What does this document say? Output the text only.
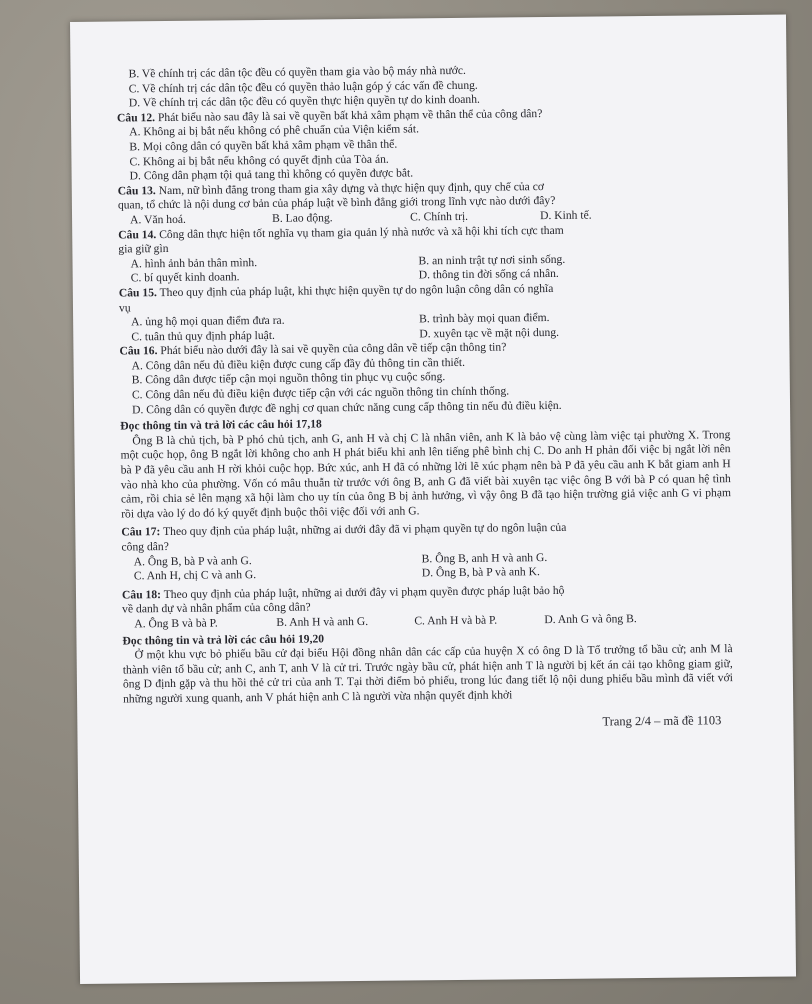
B. Về chính trị các dân tộc đều có quyền tham gia vào bộ máy nhà nước.
C. Về chính trị các dân tộc đều có quyền thảo luận góp ý các vấn đề chung.
D. Về chính trị các dân tộc đều có quyền thực hiện quyền tự do kinh doanh.
Câu 12. Phát biểu nào sau đây là sai về quyền bất khả xâm phạm về thân thể của công dân?
A. Không ai bị bắt nếu không có phê chuẩn của Viện kiểm sát.
B. Mọi công dân có quyền bất khả xâm phạm về thân thể.
C. Không ai bị bắt nếu không có quyết định của Tòa án.
D. Công dân phạm tội quả tang thì không có quyền được bắt.
Câu 13. Nam, nữ bình đẳng trong tham gia xây dựng và thực hiện quy định, quy chế của cơ
quan, tổ chức là nội dung cơ bản của pháp luật về bình đẳng giới trong lĩnh vực nào dưới đây?
A. Văn hoá.	B. Lao động.	C. Chính trị.	D. Kinh tế.
Câu 14. Công dân thực hiện tốt nghĩa vụ tham gia quản lý nhà nước và xã hội khi tích cực tham
gia giữ gìn
A. hình ảnh bản thân mình.	B. an ninh trật tự nơi sinh sống.
C. bí quyết kinh doanh.	D. thông tin đời sống cá nhân.
Câu 15. Theo quy định của pháp luật, khi thực hiện quyền tự do ngôn luận công dân có nghĩa
vụ
A. ủng hộ mọi quan điểm đưa ra.	B. trình bày mọi quan điểm.
C. tuân thủ quy định pháp luật.	D. xuyên tạc về mặt nội dung.
Câu 16. Phát biểu nào dưới đây là sai về quyền của công dân về tiếp cận thông tin?
A. Công dân nếu đủ điều kiện được cung cấp đầy đủ thông tin cần thiết.
B. Công dân được tiếp cận mọi nguồn thông tin phục vụ cuộc sống.
C. Công dân nếu đủ điều kiện được tiếp cận với các nguồn thông tin chính thống.
D. Công dân có quyền được đề nghị cơ quan chức năng cung cấp thông tin nếu đủ điều kiện.
Đọc thông tin và trả lời các câu hỏi 17,18
Ông B là chủ tịch, bà P phó chủ tịch, anh G, anh H và chị C là nhân viên, anh K là bảo vệ cùng làm việc tại phường X. Trong một cuộc họp, ông B ngắt lời không cho anh H phát biểu khi anh lên tiếng phê bình chị C. Do anh H phản đối việc bị ngắt lời nên bà P đã yêu cầu anh H rời khỏi cuộc họp. Bức xúc, anh H đã có những lời lẽ xúc phạm nên bà P đã yêu cầu anh K bắt giam anh H vào nhà kho của phường. Vốn có mâu thuẫn từ trước với ông B, anh G đã viết bài xuyên tạc việc ông B với bà P có quan hệ tình cảm, rồi chia sẻ lên mạng xã hội làm cho uy tín của ông B bị ảnh hưởng, vì vậy ông B đã tạo hiện trường giả việc anh G vi phạm rồi dựa vào lý do đó ký quyết định buộc thôi việc đối với anh G.
Câu 17: Theo quy định của pháp luật, những ai dưới đây đã vi phạm quyền tự do ngôn luận của
công dân?
A. Ông B, bà P và anh G.	B. Ông B, anh H và anh G.
C. Anh H, chị C và anh G.	D. Ông B, bà P và anh K.
Câu 18: Theo quy định của pháp luật, những ai dưới đây vi phạm quyền được pháp luật bảo hộ
về danh dự và nhân phẩm của công dân?
A. Ông B và bà P.	B. Anh H và anh G.	C. Anh H và bà P.	D. Anh G và ông B.
Đọc thông tin và trả lời các câu hỏi 19,20
Ở một khu vực bỏ phiếu bầu cử đại biểu Hội đồng nhân dân các cấp của huyện X có ông D là Tổ trưởng tổ bầu cử; anh M là thành viên tổ bầu cử; anh C, anh T, anh V là cử tri. Trước ngày bầu cử, phát hiện anh T là người bị kết án cải tạo không giam giữ, ông D định gặp và thu hồi thẻ cử tri của anh T. Tại thời điểm bỏ phiếu, trong lúc đang tiết lộ nội dung phiếu bầu mình đã viết với những người xung quanh, anh V phát hiện anh C là người vừa nhận quyết định khởi
Trang 2/4 – mã đề 1103
